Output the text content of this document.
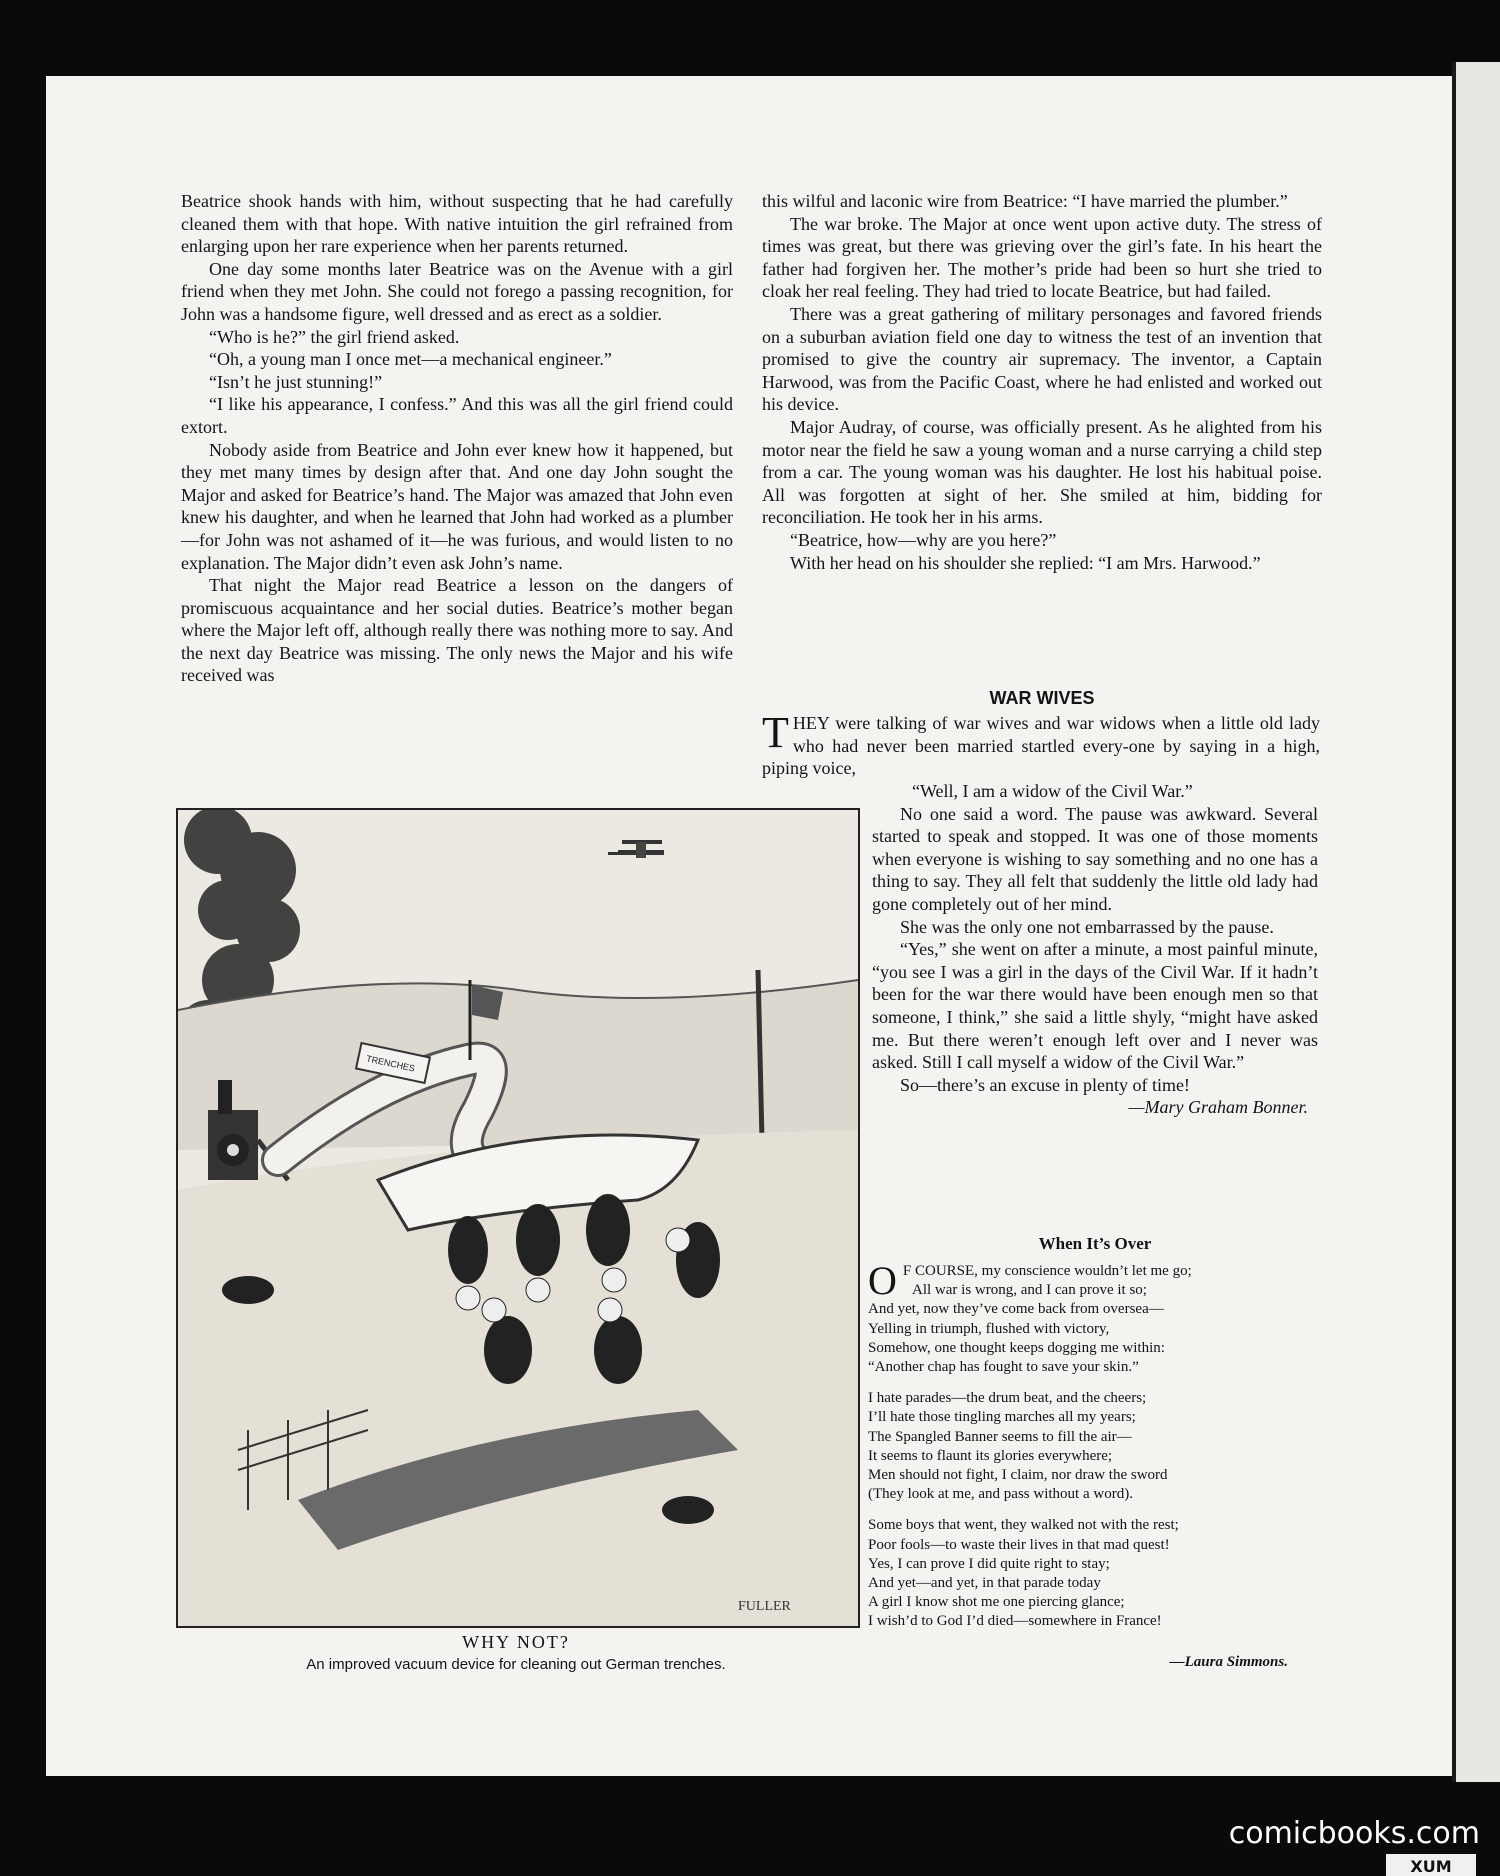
Beatrice shook hands with him, without suspecting that he had carefully cleaned them with that hope. With native intuition the girl refrained from enlarging upon her rare experience when her parents returned.

One day some months later Beatrice was on the Avenue with a girl friend when they met John. She could not forego a passing recognition, for John was a handsome figure, well dressed and as erect as a soldier.

“Who is he?” the girl friend asked.

“Oh, a young man I once met—a mechanical engineer.”

“Isn’t he just stunning!”

“I like his appearance, I confess.” And this was all the girl friend could extort.

Nobody aside from Beatrice and John ever knew how it happened, but they met many times by design after that. And one day John sought the Major and asked for Beatrice’s hand. The Major was amazed that John even knew his daughter, and when he learned that John had worked as a plumber—for John was not ashamed of it—he was furious, and would listen to no explanation. The Major didn’t even ask John’s name.

That night the Major read Beatrice a lesson on the dangers of promiscuous acquaintance and her social duties. Beatrice’s mother began where the Major left off, although really there was nothing more to say. And the next day Beatrice was missing. The only news the Major and his wife received was

this wilful and laconic wire from Beatrice: “I have married the plumber.”

The war broke. The Major at once went upon active duty. The stress of times was great, but there was grieving over the girl’s fate. In his heart the father had forgiven her. The mother’s pride had been so hurt she tried to cloak her real feeling. They had tried to locate Beatrice, but had failed.

There was a great gathering of military personages and favored friends on a suburban aviation field one day to witness the test of an invention that promised to give the country air supremacy. The inventor, a Captain Harwood, was from the Pacific Coast, where he had enlisted and worked out his device.

Major Audray, of course, was officially present. As he alighted from his motor near the field he saw a young woman and a nurse carrying a child step from a car. The young woman was his daughter. He lost his habitual poise. All was forgotten at sight of her. She smiled at him, bidding for reconciliation. He took her in his arms.

“Beatrice, how—why are you here?”

With her head on his shoulder she replied: “I am Mrs. Harwood.”

WAR WIVES
THEY were talking of war wives and war widows when a little old lady who had never been married startled every-one by saying in a high, piping voice,

“Well, I am a widow of the Civil War.”

No one said a word. The pause was awkward. Several started to speak and stopped. It was one of those moments when everyone is wishing to say something and no one has a thing to say. They all felt that suddenly the little old lady had gone completely out of her mind.

She was the only one not embarrassed by the pause.

“Yes,” she went on after a minute, a most painful minute, “you see I was a girl in the days of the Civil War. If it hadn’t been for the war there would have been enough men so that someone, I think,” she said a little shyly, “might have asked me. But there weren’t enough left over and I never was asked. Still I call myself a widow of the Civil War.”

So—there’s an excuse in plenty of time!

—Mary Graham Bonner.
When It’s Over
O F COURSE, my conscience wouldn’t let me go;
All war is wrong, and I can prove it so;
And yet, now they’ve come back from oversea—
Yelling in triumph, flushed with victory,
Somehow, one thought keeps dogging me within:
“Another chap has fought to save your skin.”
I hate parades—the drum beat, and the cheers;
I’ll hate those tingling marches all my years;
The Spangled Banner seems to fill the air—
It seems to flaunt its glories everywhere;
Men should not fight, I claim, nor draw the sword
(They look at me, and pass without a word).
Some boys that went, they walked not with the rest;
Poor fools—to waste their lives in that mad quest!
Yes, I can prove I did quite right to stay;
And yet—and yet, in that parade today
A girl I know shot me one piercing glance;
I wish’d to God I’d died—somewhere in France!
—Laura Simmons.
TRENCHES
FULLER
WHY NOT?
An improved vacuum device for cleaning out German trenches.
comicbooks.com
XUM
